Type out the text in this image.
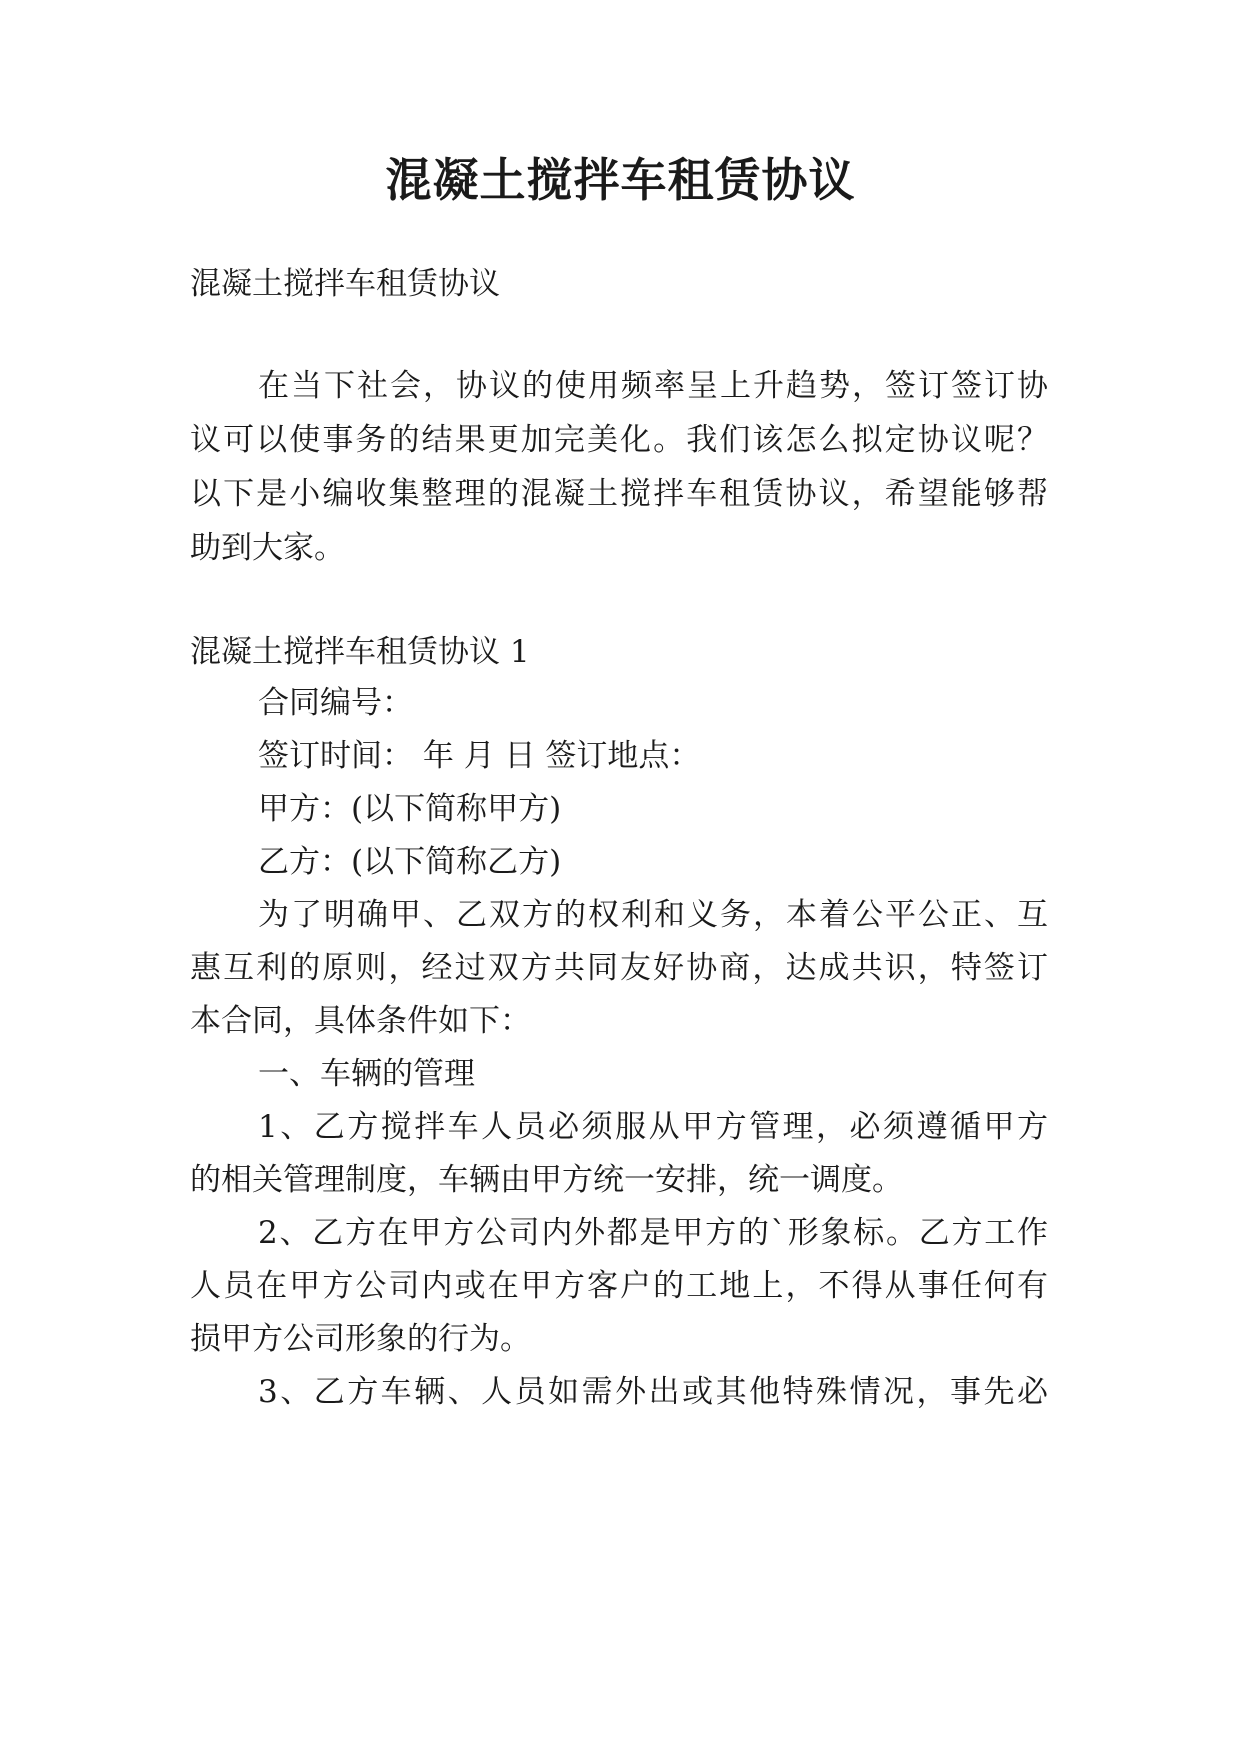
混凝土搅拌车租赁协议

混凝土搅拌车租赁协议

在当下社会，协议的使用频率呈上升趋势，签订签订协

议可以使事务的结果更加完美化。我们该怎么拟定协议呢？

以下是小编收集整理的混凝土搅拌车租赁协议，希望能够帮

助到大家。

混凝土搅拌车租赁协议 1

合同编号：

签订时间： 年 月 日 签订地点：

甲方：(以下简称甲方)

乙方：(以下简称乙方)

为了明确甲、乙双方的权利和义务，本着公平公正、互

惠互利的原则，经过双方共同友好协商，达成共识，特签订

本合同，具体条件如下：

一、车辆的管理

1、乙方搅拌车人员必须服从甲方管理，必须遵循甲方

的相关管理制度，车辆由甲方统一安排，统一调度。

2、乙方在甲方公司内外都是甲方的`形象标。乙方工作

人员在甲方公司内或在甲方客户的工地上，不得从事任何有

损甲方公司形象的行为。

3、乙方车辆、人员如需外出或其他特殊情况，事先必
